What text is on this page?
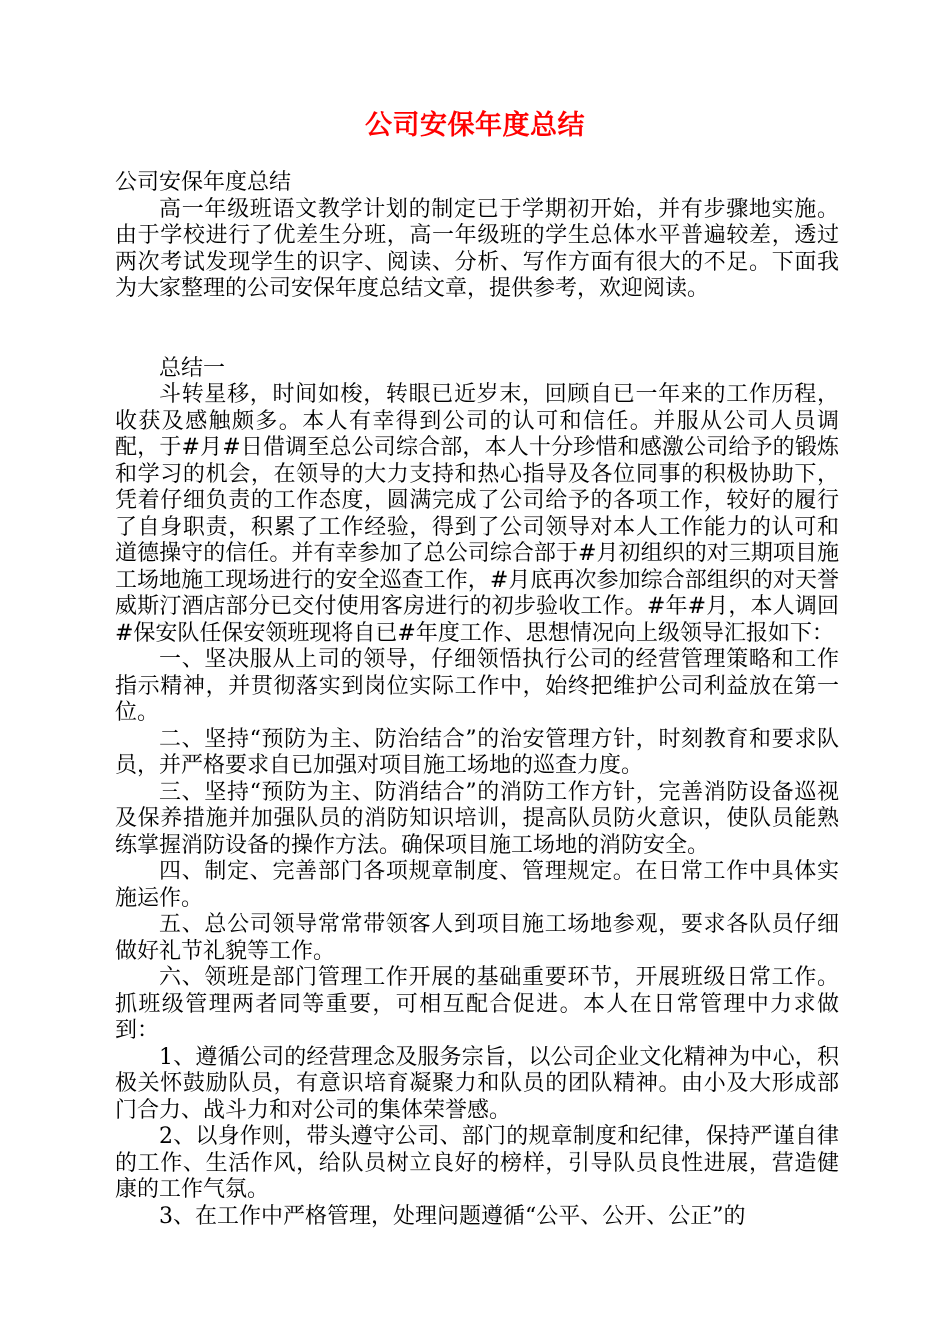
公司安保年度总结

公司安保年度总结

高一年级班语文教学计划的制定已于学期初开始，并有步骤地实施。由于学校进行了优差生分班，高一年级班的学生总体水平普遍较差，透过两次考试发现学生的识字、阅读、分析、写作方面有很大的不足。下面我为大家整理的公司安保年度总结文章，提供参考，欢迎阅读。

总结一

斗转星移，时间如梭，转眼已近岁末，回顾自已一年来的工作历程，收获及感触颇多。本人有幸得到公司的认可和信任。并服从公司人员调配，于#月#日借调至总公司综合部，本人十分珍惜和感激公司给予的锻炼和学习的机会，在领导的大力支持和热心指导及各位同事的积极协助下，凭着仔细负责的工作态度，圆满完成了公司给予的各项工作，较好的履行了自身职责，积累了工作经验，得到了公司领导对本人工作能力的认可和道德操守的信任。并有幸参加了总公司综合部于#月初组织的对三期项目施工场地施工现场进行的安全巡查工作，#月底再次参加综合部组织的对天誉威斯汀酒店部分已交付使用客房进行的初步验收工作。#年#月，本人调回#保安队任保安领班现将自已#年度工作、思想情况向上级领导汇报如下：

一、坚决服从上司的领导，仔细领悟执行公司的经营管理策略和工作指示精神，并贯彻落实到岗位实际工作中，始终把维护公司利益放在第一位。

二、坚持“预防为主、防治结合”的治安管理方针，时刻教育和要求队员，并严格要求自已加强对项目施工场地的巡查力度。

三、坚持“预防为主、防消结合”的消防工作方针，完善消防设备巡视及保养措施并加强队员的消防知识培训，提高队员防火意识，使队员能熟练掌握消防设备的操作方法。确保项目施工场地的消防安全。

四、制定、完善部门各项规章制度、管理规定。在日常工作中具体实施运作。

五、总公司领导常常带领客人到项目施工场地参观，要求各队员仔细做好礼节礼貌等工作。

六、领班是部门管理工作开展的基础重要环节，开展班级日常工作。抓班级管理两者同等重要，可相互配合促进。本人在日常管理中力求做到：

1、遵循公司的经营理念及服务宗旨，以公司企业文化精神为中心，积极关怀鼓励队员，有意识培育凝聚力和队员的团队精神。由小及大形成部门合力、战斗力和对公司的集体荣誉感。

2、以身作则，带头遵守公司、部门的规章制度和纪律，保持严谨自律的工作、生活作风，给队员树立良好的榜样，引导队员良性进展，营造健康的工作气氛。

3、在工作中严格管理，处理问题遵循“公平、公开、公正”的
